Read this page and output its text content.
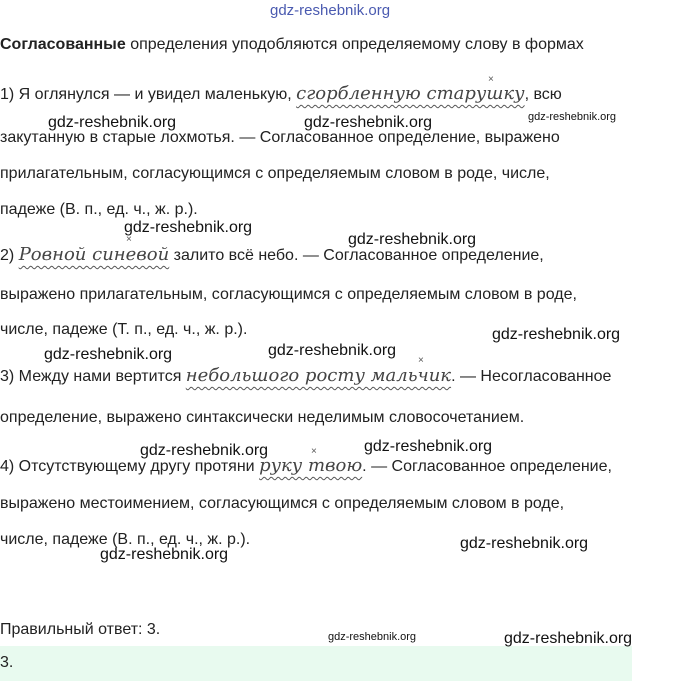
gdz-reshebnik.org
Согласованные определения уподобляются определяемому слову в формах
1) Я оглянулся — и увидел маленькую, сгорбленную старушку, всю
×
закутанную в старые лохмотья. — Согласованное определение, выражено
прилагательным, согласующимся с определяемым словом в роде, числе,
падеже (В. п., ед. ч., ж. р.).
2) Ровной синевой залито всё небо. — Согласованное определение,
×
выражено прилагательным, согласующимся с определяемым словом в роде,
числе, падеже (Т. п., ед. ч., ж. р.).
3) Между нами вертится небольшого росту мальчик. — Несогласованное
×
определение, выражено синтаксически неделимым словосочетанием.
4) Отсутствующему другу протяни руку твою. — Согласованное определение,
×
выражено местоимением, согласующимся с определяемым словом в роде,
числе, падеже (В. п., ед. ч., ж. р.).
Правильный ответ: 3.
3.
gdz-reshebnik.org	gdz-reshebnik.org	gdz-reshebnik.org
gdz-reshebnik.org
gdz-reshebnik.org
gdz-reshebnik.org
gdz-reshebnik.org	gdz-reshebnik.org
gdz-reshebnik.org	gdz-reshebnik.org
gdz-reshebnik.org
gdz-reshebnik.org
gdz-reshebnik.org	gdz-reshebnik.org
